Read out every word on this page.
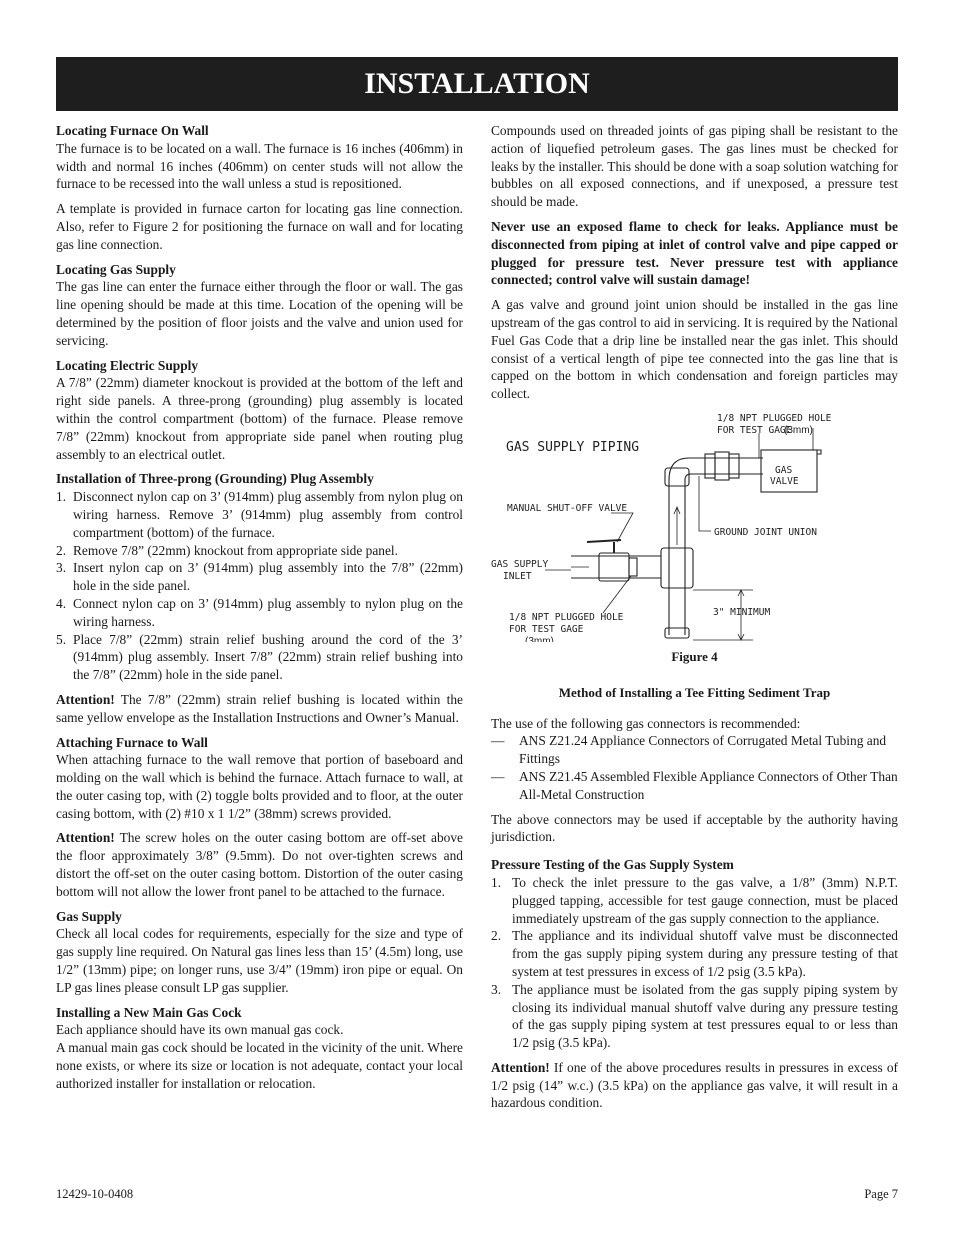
INSTALLATION
Locating Furnace On Wall

The furnace is to be located on a wall. The furnace is 16 inches (406mm) in width and normal 16 inches (406mm) on center studs will not allow the furnace to be recessed into the wall unless a stud is repositioned.

A template is provided in furnace carton for locating gas line connection. Also, refer to Figure 2 for positioning the furnace on wall and for locating gas line connection.

Locating Gas Supply

The gas line can enter the furnace either through the floor or wall. The gas line opening should be made at this time. Location of the opening will be determined by the position of floor joists and the valve and union used for servicing.

Locating Electric Supply

A 7/8” (22mm) diameter knockout is provided at the bottom of the left and right side panels. A three-prong (grounding) plug assembly is located within the control compartment (bottom) of the furnace. Please remove 7/8” (22mm) knockout from appropriate side panel when routing plug assembly to an electrical outlet.

Installation of Three-prong (Grounding) Plug Assembly
1. Disconnect nylon cap on 3’ (914mm) plug assembly from nylon plug on wiring harness. Remove 3’ (914mm) plug assembly from control compartment (bottom) of the furnace.
2. Remove 7/8” (22mm) knockout from appropriate side panel.
3. Insert nylon cap on 3’ (914mm) plug assembly into the 7/8” (22mm) hole in the side panel.
4. Connect nylon cap on 3’ (914mm) plug assembly to nylon plug on the wiring harness.
5. Place 7/8” (22mm) strain relief bushing around the cord of the 3’ (914mm) plug assembly. Insert 7/8” (22mm) strain relief bushing into the 7/8” (22mm) hole in the side panel.

Attention! The 7/8” (22mm) strain relief bushing is located within the same yellow envelope as the Installation Instructions and Owner’s Manual.

Attaching Furnace to Wall

When attaching furnace to the wall remove that portion of baseboard and molding on the wall which is behind the furnace. Attach furnace to wall, at the outer casing top, with (2) toggle bolts provided and to floor, at the outer casing bottom, with (2) #10 x 1 1/2” (38mm) screws provided.

Attention! The screw holes on the outer casing bottom are off-set above the floor approximately 3/8” (9.5mm). Do not over-tighten screws and distort the off-set on the outer casing bottom. Distortion of the outer casing bottom will not allow the lower front panel to be attached to the furnace.

Gas Supply

Check all local codes for requirements, especially for the size and type of gas supply line required. On Natural gas lines less than 15’ (4.5m) long, use 1/2” (13mm) pipe; on longer runs, use 3/4” (19mm) iron pipe or equal. On LP gas lines please consult LP gas supplier.

Installing a New Main Gas Cock

Each appliance should have its own manual gas cock.

A manual main gas cock should be located in the vicinity of the unit. Where none exists, or where its size or location is not adequate, contact your local authorized installer for installation or relocation.

Compounds used on threaded joints of gas piping shall be resistant to the action of liquefied petroleum gases. The gas lines must be checked for leaks by the installer. This should be done with a soap solution watching for bubbles on all exposed connections, and if unexposed, a pressure test should be made.

Never use an exposed flame to check for leaks. Appliance must be disconnected from piping at inlet of control valve and pipe capped or plugged for pressure test. Never pressure test with appliance connected; control valve will sustain damage!

A gas valve and ground joint union should be installed in the gas line upstream of the gas control to aid in servicing. It is required by the National Fuel Gas Code that a drip line be installed near the gas inlet. This should consist of a vertical length of pipe tee connected into the gas line that is capped on the bottom in which condensation and foreign particles may collect.

GAS SUPPLY PIPING
1/8 NPT PLUGGED HOLE
FOR TEST GAGE
(3mm)
GAS
VALVE
MANUAL SHUT-OFF VALVE
GROUND JOINT UNION
GAS SUPPLY
INLET
3" MINIMUM
1/8 NPT PLUGGED HOLE
FOR TEST GAGE
(3mm)
Figure 4
Method of Installing a Tee Fitting Sediment Trap

The use of the following gas connectors is recommended:

— ANS Z21.24 Appliance Connectors of Corrugated Metal Tubing and Fittings
— ANS Z21.45 Assembled Flexible Appliance Connectors of Other Than All-Metal Construction

The above connectors may be used if acceptable by the authority having jurisdiction.

Pressure Testing of the Gas Supply System
1. To check the inlet pressure to the gas valve, a 1/8” (3mm) N.P.T. plugged tapping, accessible for test gauge connection, must be placed immediately upstream of the gas supply connection to the appliance.
2. The appliance and its individual shutoff valve must be disconnected from the gas supply piping system during any pressure testing of that system at test pressures in excess of 1/2 psig (3.5 kPa).
3. The appliance must be isolated from the gas supply piping system by closing its individual manual shutoff valve during any pressure testing of the gas supply piping system at test pressures equal to or less than 1/2 psig (3.5 kPa).

Attention! If one of the above procedures results in pressures in excess of 1/2 psig (14” w.c.) (3.5 kPa) on the appliance gas valve, it will result in a hazardous condition.

12429-10-0408	Page 7
